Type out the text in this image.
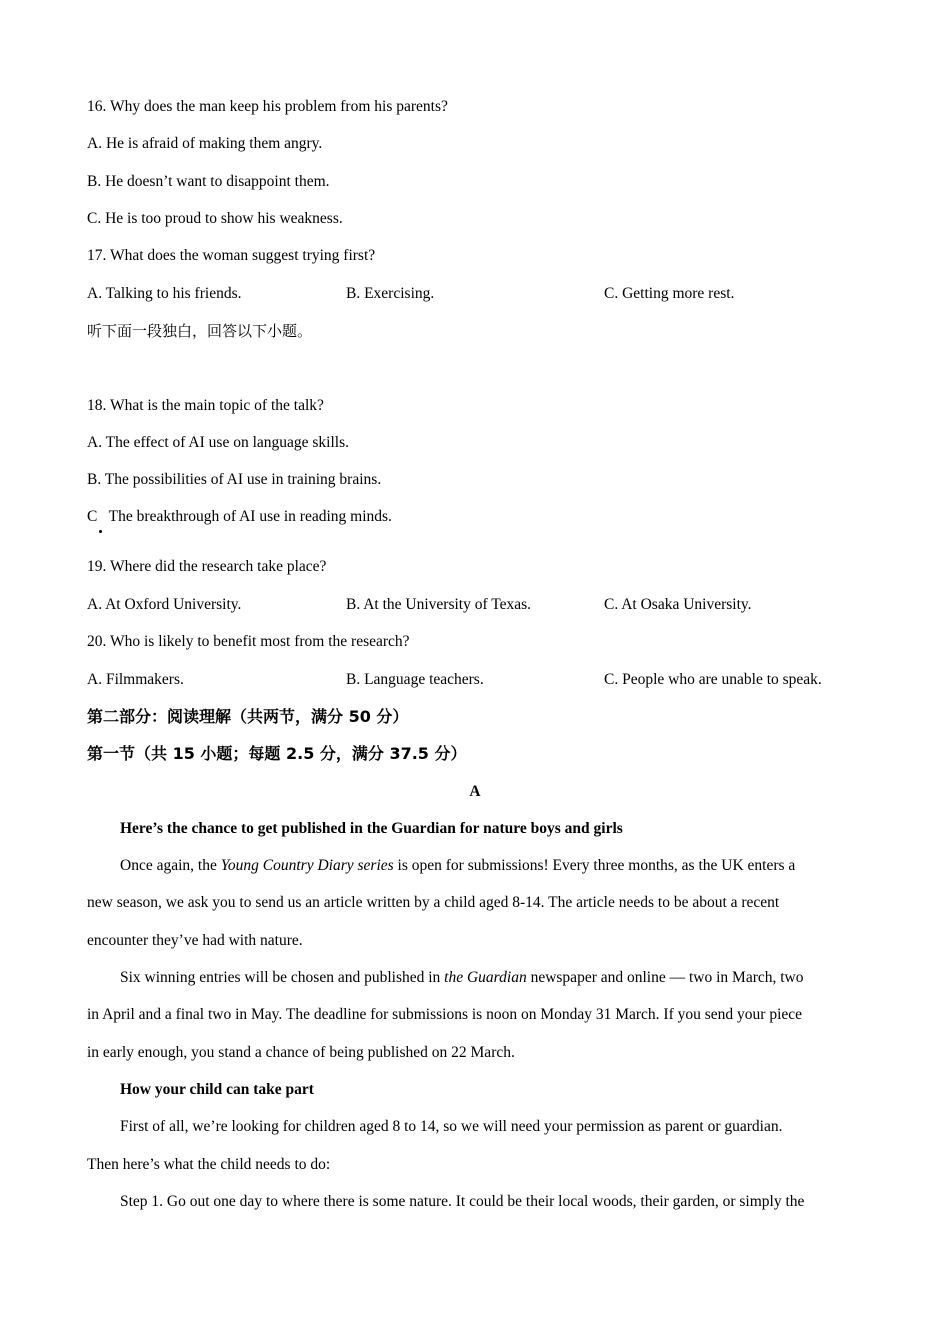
16. Why does the man keep his problem from his parents?
A. He is afraid of making them angry.
B. He doesn’t want to disappoint them.
C. He is too proud to show his weakness.
17. What does the woman suggest trying first?
A. Talking to his friends.	B. Exercising.	C. Getting more rest.
听下面一段独白，回答以下小题。
18. What is the main topic of the talk?
A. The effect of AI use on language skills.
B. The possibilities of AI use in training brains.
C   The breakthrough of AI use in reading minds.
19. Where did the research take place?
A. At Oxford University.	B. At the University of Texas.	C. At Osaka University.
20. Who is likely to benefit most from the research?
A. Filmmakers.	B. Language teachers.	C. People who are unable to speak.
第二部分：阅读理解（共两节，满分 50 分）
第一节（共 15 小题；每题 2.5 分，满分 37.5 分）
A
Here’s the chance to get published in the Guardian for nature boys and girls
Once again, the Young Country Diary series is open for submissions! Every three months, as the UK enters a
new season, we ask you to send us an article written by a child aged 8-14. The article needs to be about a recent
encounter they’ve had with nature.
Six winning entries will be chosen and published in the Guardian newspaper and online — two in March, two
in April and a final two in May. The deadline for submissions is noon on Monday 31 March. If you send your piece
in early enough, you stand a chance of being published on 22 March.
How your child can take part
First of all, we’re looking for children aged 8 to 14, so we will need your permission as parent or guardian.
Then here’s what the child needs to do:
Step 1. Go out one day to where there is some nature. It could be their local woods, their garden, or simply the
